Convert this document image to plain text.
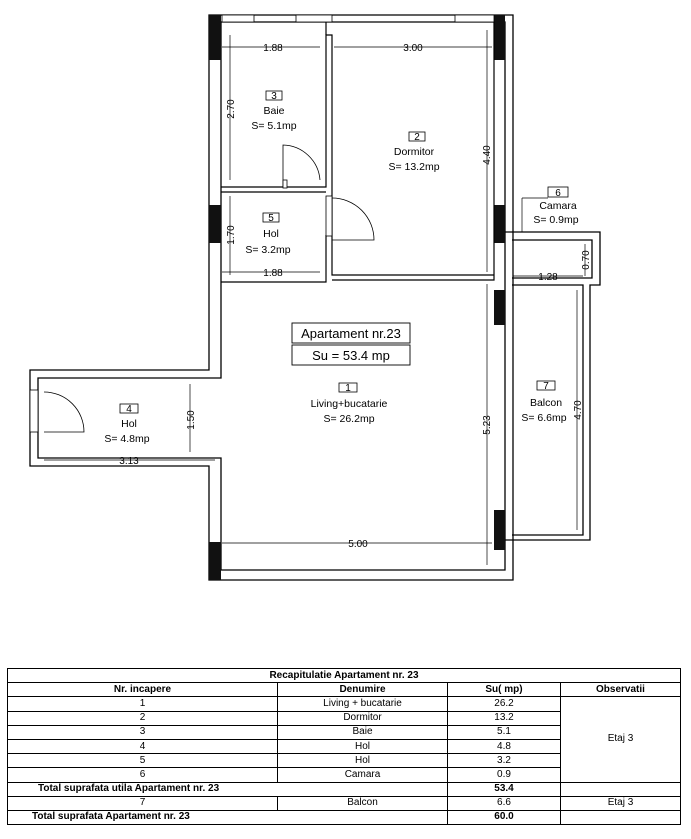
1.88	3.00
2.70
4.40
1.70
1.88
0.70
1.28
4.70
1.50
3.13
5.23
5.00
3
Baie
S= 5.1mp
2
Dormitor
S= 13.2mp
5
Hol
S= 3.2mp
6
Camara
S= 0.9mp
Apartament nr.23
Su = 53.4 mp
1
Living+bucatarie
S= 26.2mp
4
Hol
S= 4.8mp
7
Balcon
S= 6.6mp
Recapitulatie Apartament nr. 23			
Nr. incapere	Denumire	Su( mp)	Observatii
1	Living + bucatarie	26.2	Etaj 3
2	Dormitor	13.2	
3	Baie	5.1	
4	Hol	4.8	
5	Hol	3.2	
6	Camara	0.9	
Total suprafata utila Apartament nr. 23		53.4	
7	Balcon	6.6	Etaj 3
Total suprafata Apartament nr. 23		60.0	
